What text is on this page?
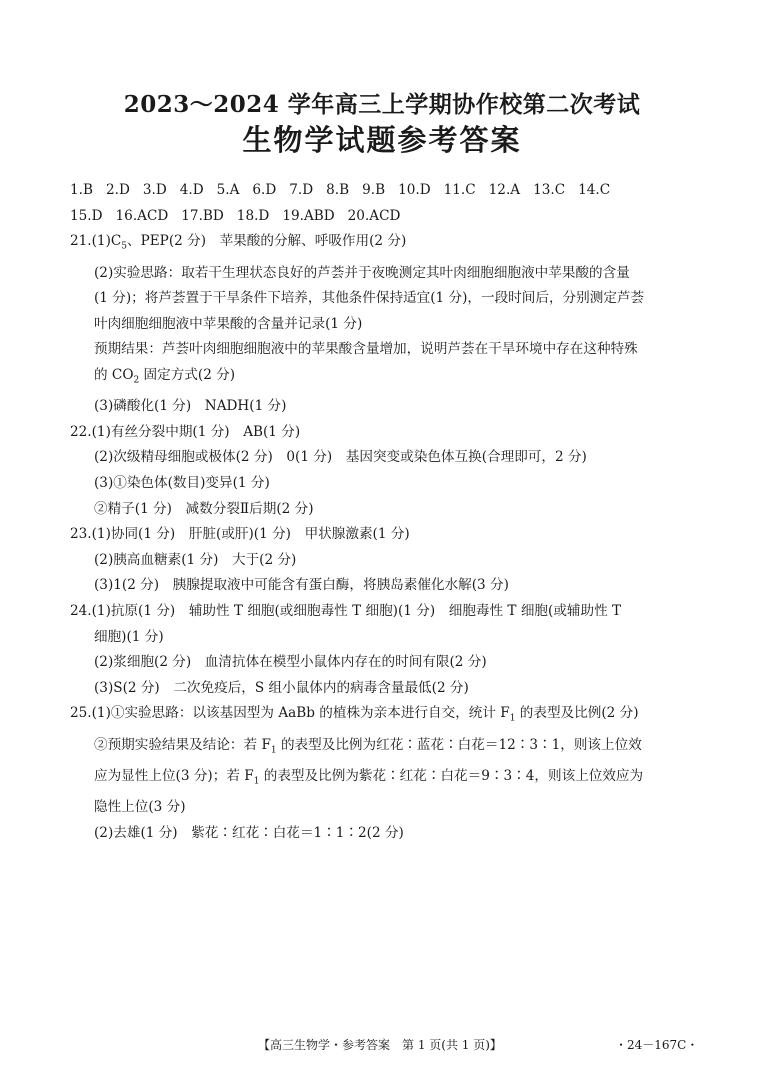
2023～2024 学年高三上学期协作校第二次考试
生物学试题参考答案
1.B 2.D 3.D 4.D 5.A 6.D 7.D 8.B 9.B 10.D 11.C 12.A 13.C 14.C
15.D 16.ACD 17.BD 18.D 19.ABD 20.ACD
$21.(1)C_5$、PEP(2 分)　苹果酸的分解、呼吸作用(2 分)
(2)实验思路：取若干生理状态良好的芦荟并于夜晚测定其叶肉细胞细胞液中苹果酸的含量
(1 分)；将芦荟置于干旱条件下培养，其他条件保持适宜(1 分)，一段时间后，分别测定芦荟
叶肉细胞细胞液中苹果酸的含量并记录(1 分)
预期结果：芦荟叶肉细胞细胞液中的苹果酸含量增加，说明芦荟在干旱环境中存在这种特殊
的 $CO_2$ 固定方式(2 分)
(3)磷酸化(1 分)　NADH(1 分)
22.(1)有丝分裂中期(1 分)　AB(1 分)
(2)次级精母细胞或极体(2 分)　0(1 分)　基因突变或染色体互换(合理即可，2 分)
(3)①染色体(数目)变异(1 分)
②精子(1 分)　减数分裂Ⅱ后期(2 分)
23.(1)协同(1 分)　肝脏(或肝)(1 分)　甲状腺激素(1 分)
(2)胰高血糖素(1 分)　大于(2 分)
(3)1(2 分)　胰腺提取液中可能含有蛋白酶，将胰岛素催化水解(3 分)
24.(1)抗原(1 分)　辅助性 T 细胞(或细胞毒性 T 细胞)(1 分)　细胞毒性 T 细胞(或辅助性 T
细胞)(1 分)
(2)浆细胞(2 分)　血清抗体在模型小鼠体内存在的时间有限(2 分)
(3)S(2 分)　二次免疫后，S 组小鼠体内的病毒含量最低(2 分)
25.(1)①实验思路：以该基因型为 AaBb 的植株为亲本进行自交，统计 $F_1$ 的表型及比例(2 分)
②预期实验结果及结论：若 $F_1$ 的表型及比例为红花∶蓝花∶白花＝12∶3∶1，则该上位效
应为显性上位(3 分)；若 $F_1$ 的表型及比例为紫花∶红花∶白花＝9∶3∶4，则该上位效应为
隐性上位(3 分)
(2)去雄(1 分)　紫花∶红花∶白花＝1∶1∶2(2 分)
【高三生物学・参考答案　第 1 页(共 1 页)】	・24－167C・
